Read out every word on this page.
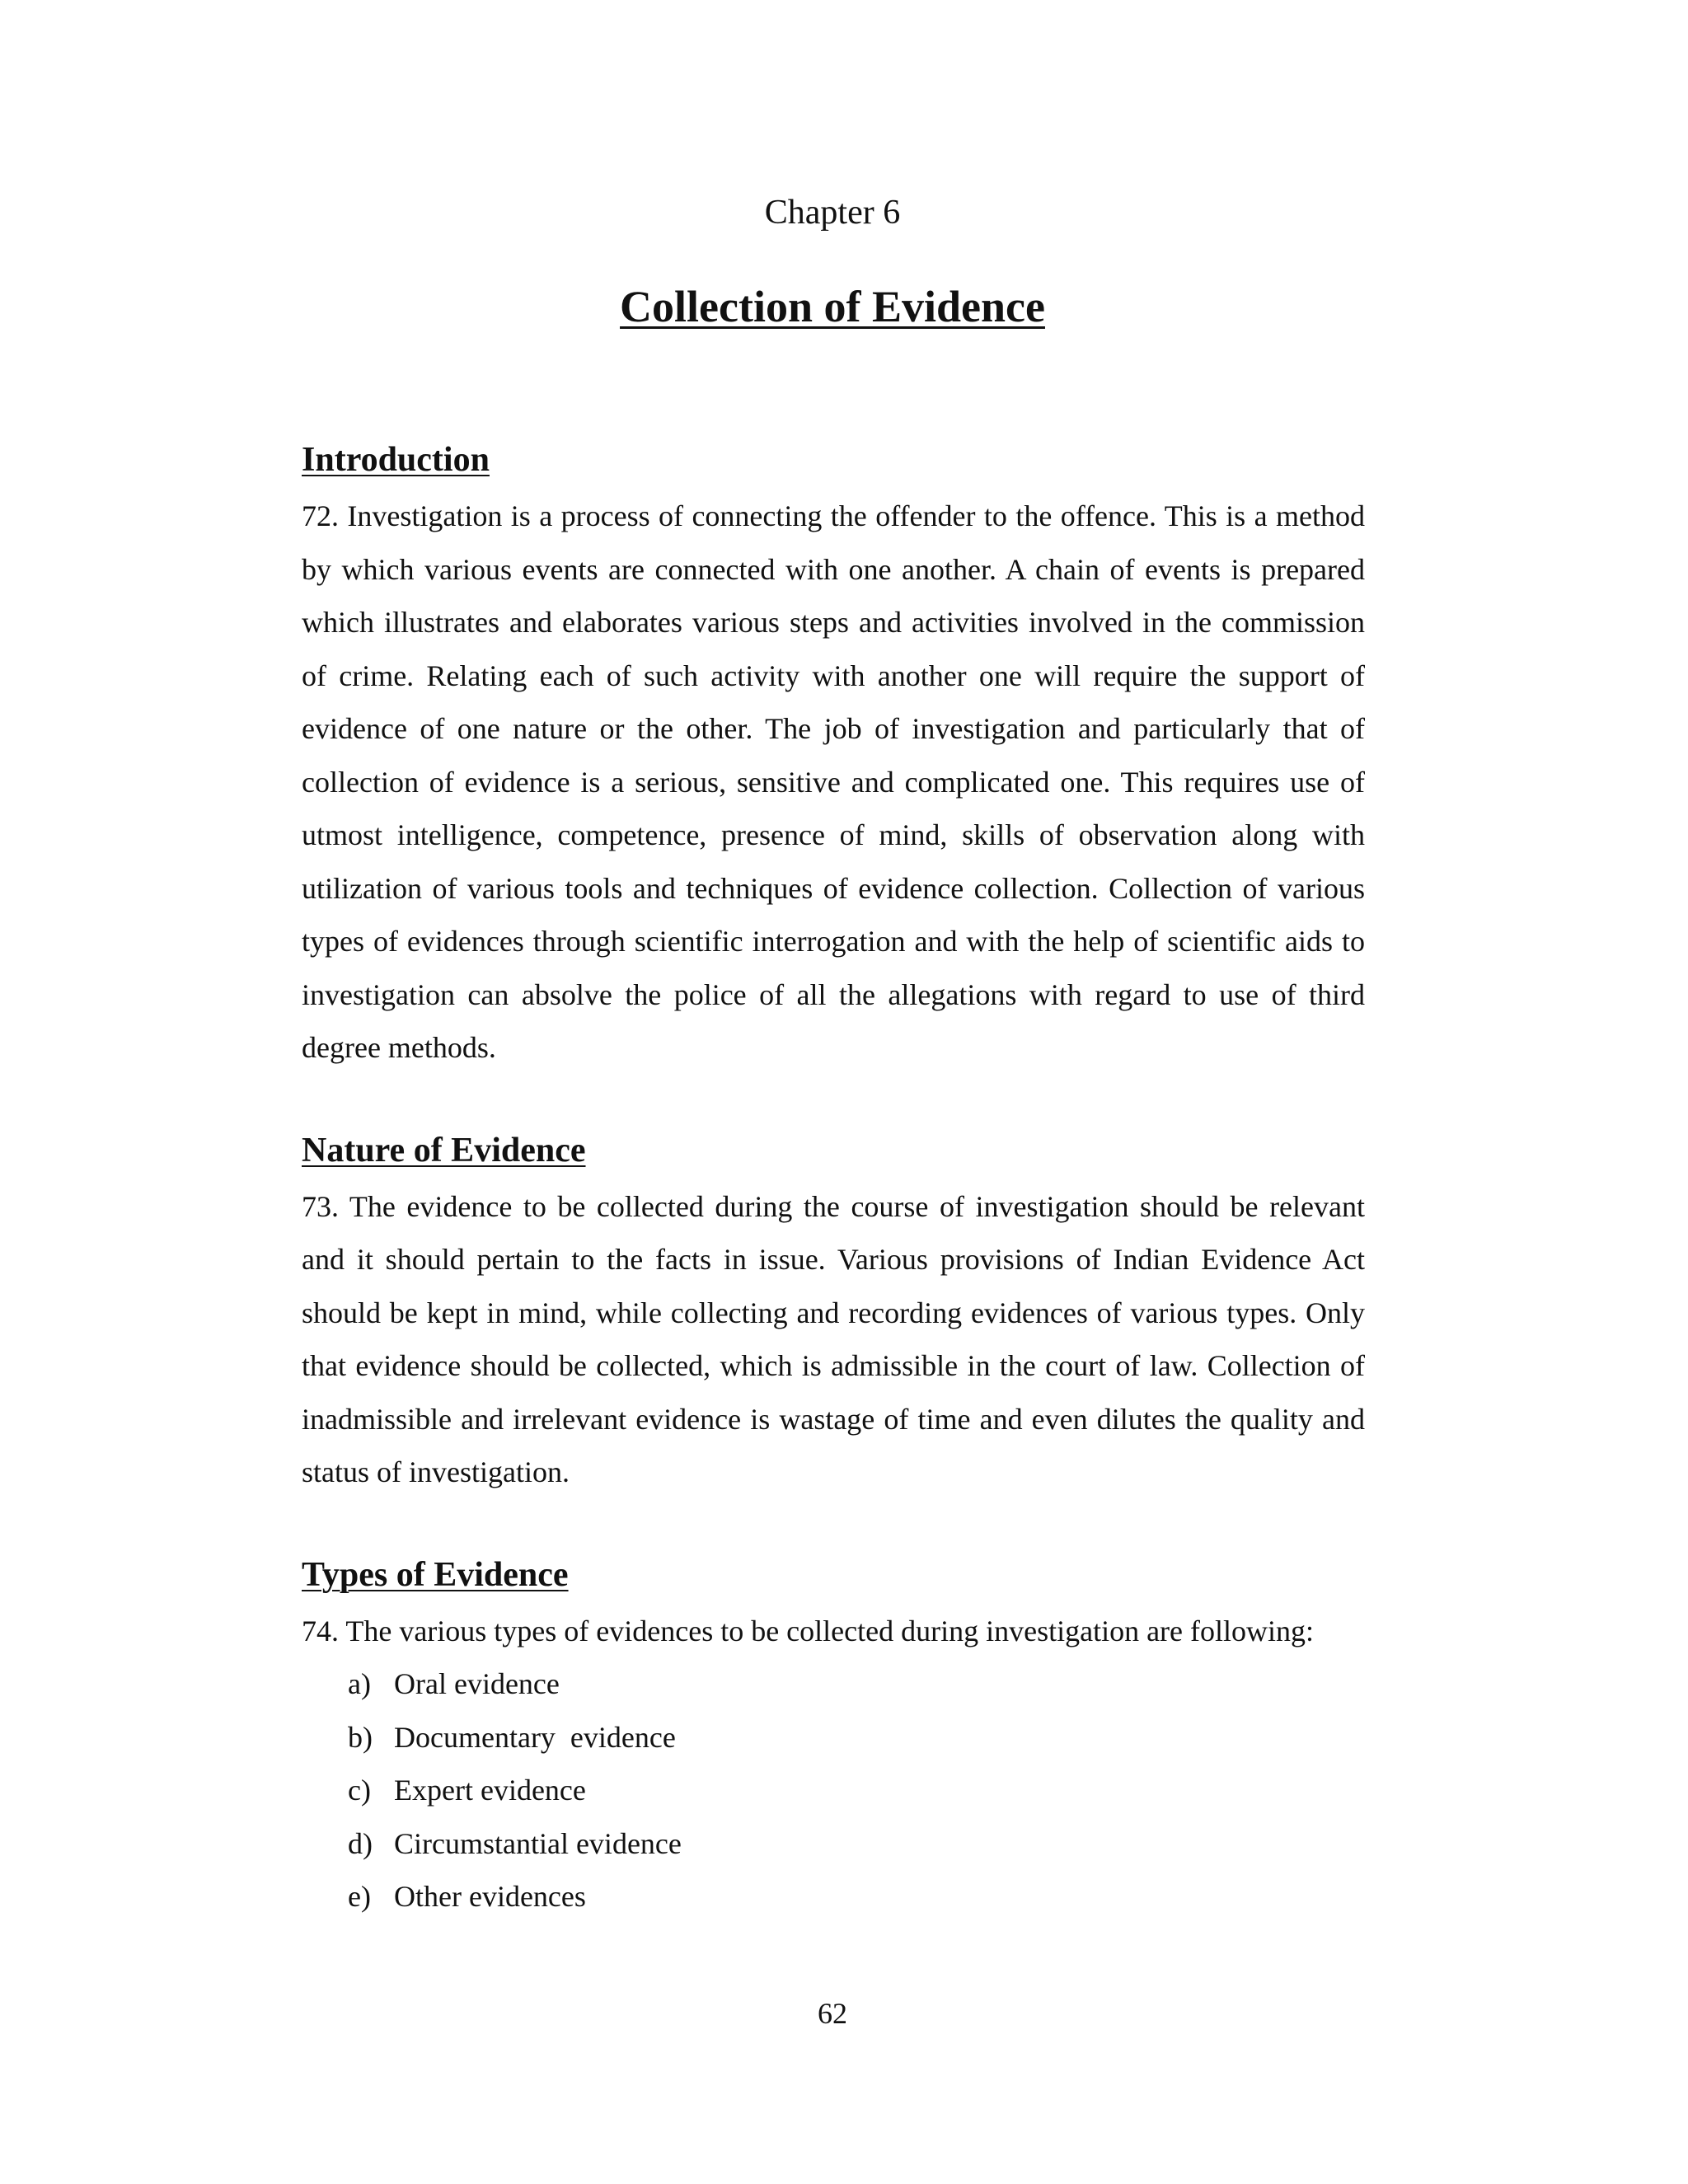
Chapter 6
Collection of Evidence
Introduction

72. Investigation is a process of connecting the offender to the offence. This is a method by which various events are connected with one another. A chain of events is prepared which illustrates and elaborates various steps and activities involved in the commission of crime. Relating each of such activity with another one will require the support of evidence of one nature or the other. The job of investigation and particularly that of collection of evidence is a serious, sensitive and complicated one. This requires use of utmost intelligence, competence, presence of mind, skills of observation along with utilization of various tools and techniques of evidence collection. Collection of various types of evidences through scientific interrogation and with the help of scientific aids to investigation can absolve the police of all the allegations with regard to use of third degree methods.

Nature of Evidence

73. The evidence to be collected during the course of investigation should be relevant and it should pertain to the facts in issue. Various provisions of Indian Evidence Act should be kept in mind, while collecting and recording evidences of various types. Only that evidence should be collected, which is admissible in the court of law. Collection of inadmissible and irrelevant evidence is wastage of time and even dilutes the quality and status of investigation.

Types of Evidence

74. The various types of evidences to be collected during investigation are following:

a) Oral evidence
b) Documentary  evidence
c) Expert evidence
d) Circumstantial evidence
e) Other evidences
62
